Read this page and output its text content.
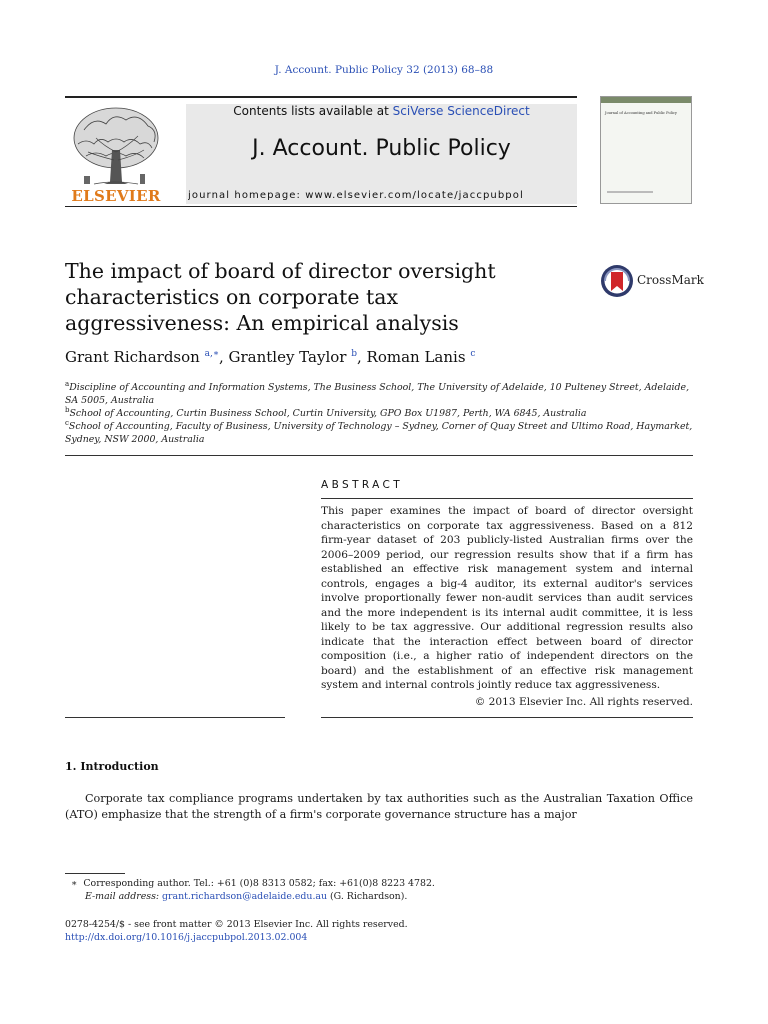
J. Account. Public Policy 32 (2013) 68–88
Contents lists available at SciVerse ScienceDirect
J. Account. Public Policy
journal homepage: www.elsevier.com/locate/jaccpubpol
ELSEVIER
Journal of Accounting and Public Policy
The impact of board of director oversight characteristics on corporate tax aggressiveness: An empirical analysis
CrossMark
Grant Richardson $^{a,∗}$, Grantley Taylor $^b$, Roman Lanis $^c$
$^a$Discipline of Accounting and Information Systems, The Business School, The University of Adelaide, 10 Pulteney Street, Adelaide, SA 5005, Australia
$^b$School of Accounting, Curtin Business School, Curtin University, GPO Box U1987, Perth, WA 6845, Australia
$^c$School of Accounting, Faculty of Business, University of Technology – Sydney, Corner of Quay Street and Ultimo Road, Haymarket, Sydney, NSW 2000, Australia
ABSTRACT
This paper examines the impact of board of director oversight characteristics on corporate tax aggressiveness. Based on a 812 firm-year dataset of 203 publicly-listed Australian firms over the 2006–2009 period, our regression results show that if a firm has established an effective risk management system and internal controls, engages a big-4 auditor, its external auditor's services involve proportionally fewer non-audit services than audit services and the more independent is its internal audit committee, it is less likely to be tax aggressive. Our additional regression results also indicate that the interaction effect between board of director composition (i.e., a higher ratio of independent directors on the board) and the establishment of an effective risk management system and internal controls jointly reduce tax aggressiveness.
© 2013 Elsevier Inc. All rights reserved.
1. Introduction
Corporate tax compliance programs undertaken by tax authorities such as the Australian Taxation Office (ATO) emphasize that the strength of a firm's corporate governance structure has a major
∗ Corresponding author. Tel.: +61 (0)8 8313 0582; fax: +61(0)8 8223 4782.
E-mail address: grant.richardson@adelaide.edu.au (G. Richardson).
0278-4254/$ - see front matter © 2013 Elsevier Inc. All rights reserved.
http://dx.doi.org/10.1016/j.jaccpubpol.2013.02.004
